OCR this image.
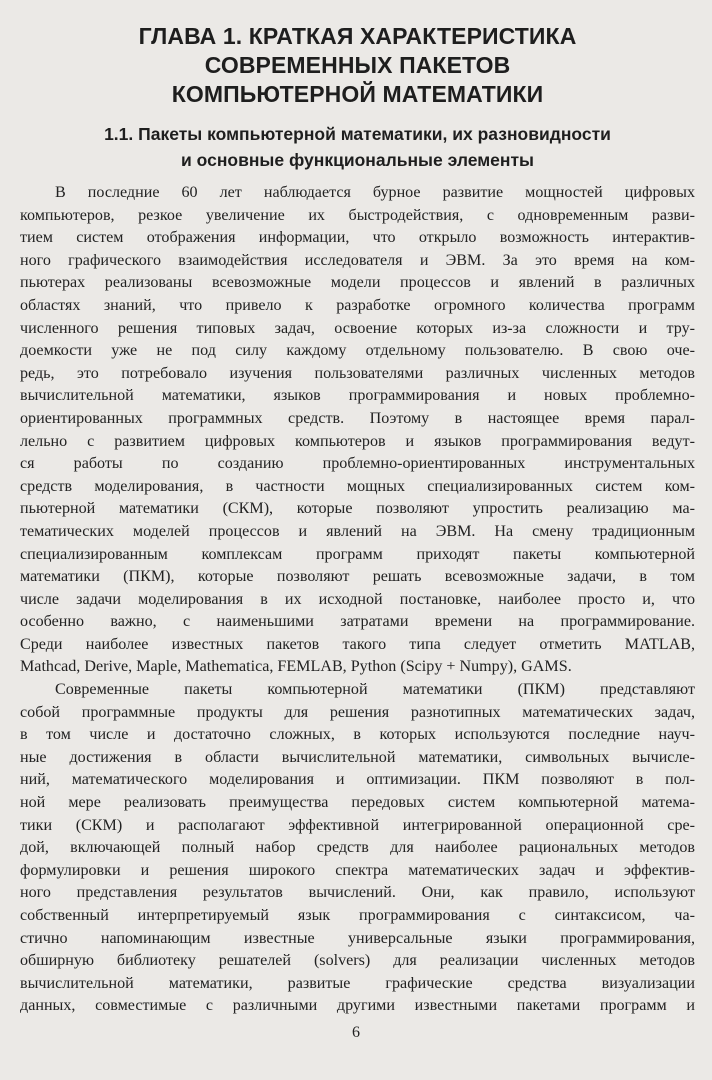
ГЛАВА 1. КРАТКАЯ ХАРАКТЕРИСТИКА
СОВРЕМЕННЫХ ПАКЕТОВ
КОМПЬЮТЕРНОЙ МАТЕМАТИКИ
1.1. Пакеты компьютерной математики, их разновидности
и основные функциональные элементы
В последние 60 лет наблюдается бурное развитие мощностей цифровых
компьютеров, резкое увеличение их быстродействия, с одновременным разви-
тием систем отображения информации, что открыло возможность интерактив-
ного графического взаимодействия исследователя и ЭВМ. За это время на ком-
пьютерах реализованы всевозможные модели процессов и явлений в различных
областях знаний, что привело к разработке огромного количества программ
численного решения типовых задач, освоение которых из-за сложности и тру-
доемкости уже не под силу каждому отдельному пользователю. В свою оче-
редь, это потребовало изучения пользователями различных численных методов
вычислительной математики, языков программирования и новых проблемно-
ориентированных программных средств. Поэтому в настоящее время парал-
лельно с развитием цифровых компьютеров и языков программирования ведут-
ся работы по созданию проблемно-ориентированных инструментальных
средств моделирования, в частности мощных специализированных систем ком-
пьютерной математики (СКМ), которые позволяют упростить реализацию ма-
тематических моделей процессов и явлений на ЭВМ. На смену традиционным
специализированным комплексам программ приходят пакеты компьютерной
математики (ПКМ), которые позволяют решать всевозможные задачи, в том
числе задачи моделирования в их исходной постановке, наиболее просто и, что
особенно важно, с наименьшими затратами времени на программирование.
Среди наиболее известных пакетов такого типа следует отметить MATLAB,
Mathcad, Derive, Maple, Mathematica, FEMLAB, Python (Scipy + Numpy), GAMS.
Современные пакеты компьютерной математики (ПКМ) представляют
собой программные продукты для решения разнотипных математических задач,
в том числе и достаточно сложных, в которых используются последние науч-
ные достижения в области вычислительной математики, символьных вычисле-
ний, математического моделирования и оптимизации. ПКМ позволяют в пол-
ной мере реализовать преимущества передовых систем компьютерной матема-
тики (СКМ) и располагают эффективной интегрированной операционной сре-
дой, включающей полный набор средств для наиболее рациональных методов
формулировки и решения широкого спектра математических задач и эффектив-
ного представления результатов вычислений. Они, как правило, используют
собственный интерпретируемый язык программирования с синтаксисом, ча-
стично напоминающим известные универсальные языки программирования,
обширную библиотеку решателей (solvers) для реализации численных методов
вычислительной математики, развитые графические средства визуализации
данных, совместимые с различными другими известными пакетами программ и
6
